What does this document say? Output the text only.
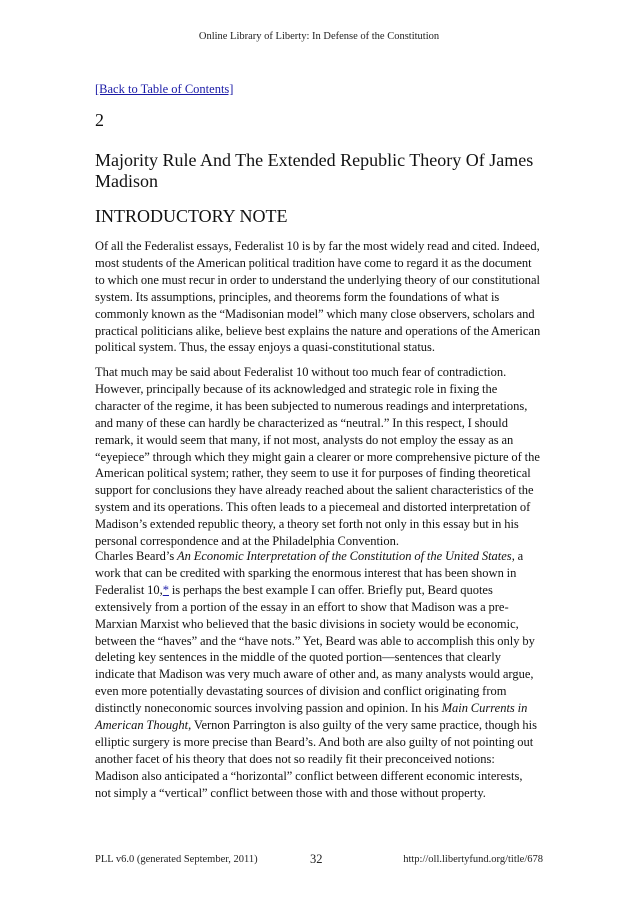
Online Library of Liberty: In Defense of the Constitution
[Back to Table of Contents]
2
Majority Rule And The Extended Republic Theory Of James Madison
INTRODUCTORY NOTE

Of all the Federalist essays, Federalist 10 is by far the most widely read and cited. Indeed, most students of the American political tradition have come to regard it as the document to which one must recur in order to understand the underlying theory of our constitutional system. Its assumptions, principles, and theorems form the foundations of what is commonly known as the “Madisonian model” which many close observers, scholars and practical politicians alike, believe best explains the nature and operations of the American political system. Thus, the essay enjoys a quasi-constitutional status.

That much may be said about Federalist 10 without too much fear of contradiction. However, principally because of its acknowledged and strategic role in fixing the character of the regime, it has been subjected to numerous readings and interpretations, and many of these can hardly be characterized as “neutral.” In this respect, I should remark, it would seem that many, if not most, analysts do not employ the essay as an “eyepiece” through which they might gain a clearer or more comprehensive picture of the American political system; rather, they seem to use it for purposes of finding theoretical support for conclusions they have already reached about the salient characteristics of the system and its operations. This often leads to a piecemeal and distorted interpretation of Madison’s extended republic theory, a theory set forth not only in this essay but in his personal correspondence and at the Philadelphia Convention.

Charles Beard’s An Economic Interpretation of the Constitution of the United States, a work that can be credited with sparking the enormous interest that has been shown in Federalist 10,* is perhaps the best example I can offer. Briefly put, Beard quotes extensively from a portion of the essay in an effort to show that Madison was a pre-Marxian Marxist who believed that the basic divisions in society would be economic, between the “haves” and the “have nots.” Yet, Beard was able to accomplish this only by deleting key sentences in the middle of the quoted portion—sentences that clearly indicate that Madison was very much aware of other and, as many analysts would argue, even more potentially devastating sources of division and conflict originating from distinctly noneconomic sources involving passion and opinion. In his Main Currents in American Thought, Vernon Parrington is also guilty of the very same practice, though his elliptic surgery is more precise than Beard’s. And both are also guilty of not pointing out another facet of his theory that does not so readily fit their preconceived notions: Madison also anticipated a “horizontal” conflict between different economic interests, not simply a “vertical” conflict between those with and those without property.

PLL v6.0 (generated September, 2011)	32	http://oll.libertyfund.org/title/678
